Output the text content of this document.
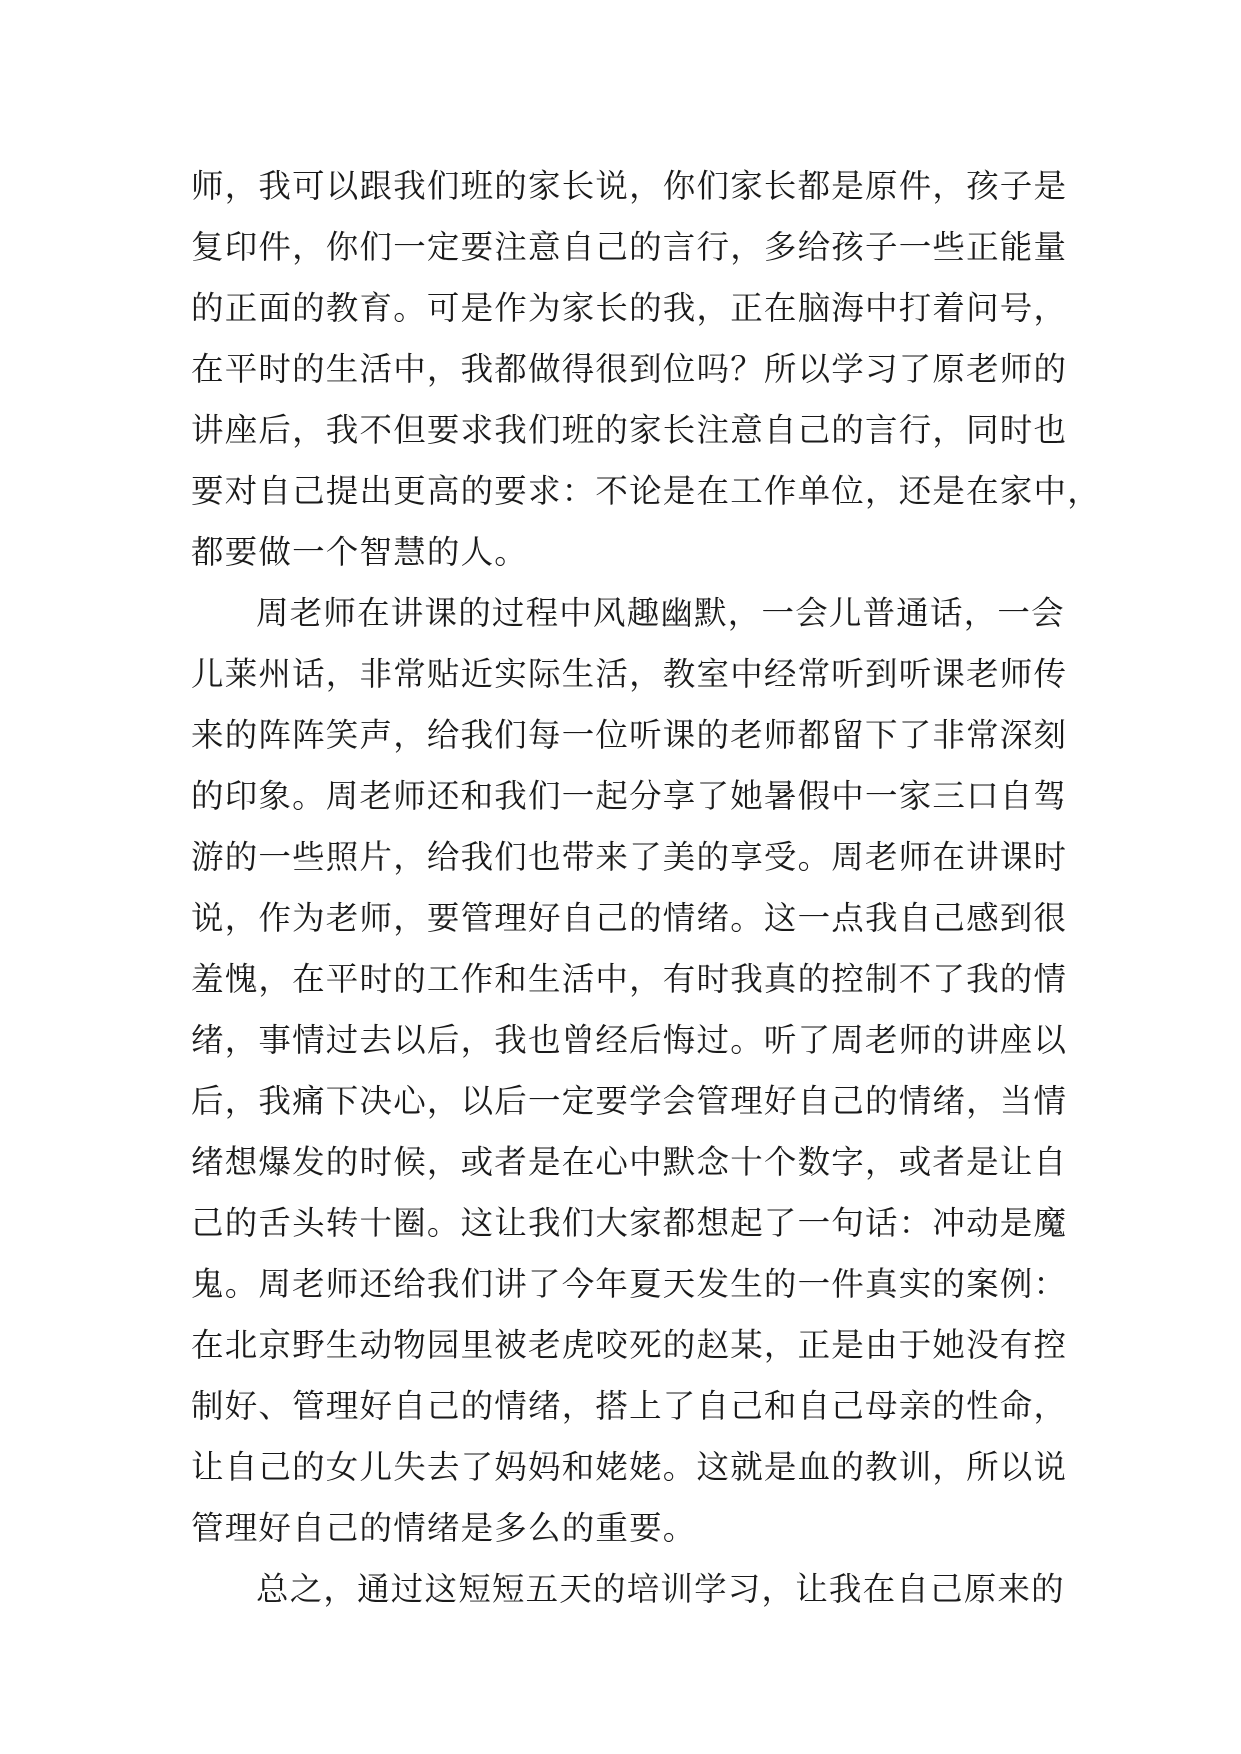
师，我可以跟我们班的家长说，你们家长都是原件，孩子是
复印件，你们一定要注意自己的言行，多给孩子一些正能量
的正面的教育。可是作为家长的我，正在脑海中打着问号，
在平时的生活中，我都做得很到位吗？所以学习了原老师的
讲座后，我不但要求我们班的家长注意自己的言行，同时也
要对自己提出更高的要求：不论是在工作单位，还是在家中，
都要做一个智慧的人。
周老师在讲课的过程中风趣幽默，一会儿普通话，一会
儿莱州话，非常贴近实际生活，教室中经常听到听课老师传
来的阵阵笑声，给我们每一位听课的老师都留下了非常深刻
的印象。周老师还和我们一起分享了她暑假中一家三口自驾
游的一些照片，给我们也带来了美的享受。周老师在讲课时
说，作为老师，要管理好自己的情绪。这一点我自己感到很
羞愧，在平时的工作和生活中，有时我真的控制不了我的情
绪，事情过去以后，我也曾经后悔过。听了周老师的讲座以
后，我痛下决心，以后一定要学会管理好自己的情绪，当情
绪想爆发的时候，或者是在心中默念十个数字，或者是让自
己的舌头转十圈。这让我们大家都想起了一句话：冲动是魔
鬼。周老师还给我们讲了今年夏天发生的一件真实的案例：
在北京野生动物园里被老虎咬死的赵某，正是由于她没有控
制好、管理好自己的情绪，搭上了自己和自己母亲的性命，
让自己的女儿失去了妈妈和姥姥。这就是血的教训，所以说
管理好自己的情绪是多么的重要。
总之，通过这短短五天的培训学习，让我在自己原来的
